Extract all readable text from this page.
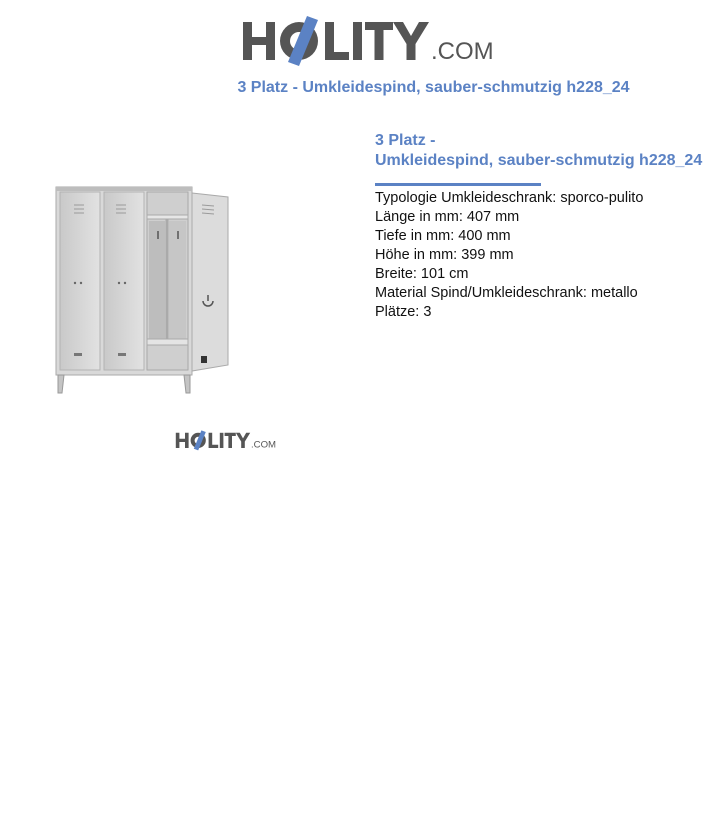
.COM
3 Platz - Umkleidespind, sauber-schmutzig h228_24

3 Platz -
Umkleidespind, sauber-schmutzig h228_24

Typologie Umkleideschrank: sporco-pulito
Länge in mm: 407 mm
Tiefe in mm: 400 mm
Höhe in mm: 399 mm
Breite: 101 cm
Material Spind/Umkleideschrank: metallo
Plätze: 3
.COM
